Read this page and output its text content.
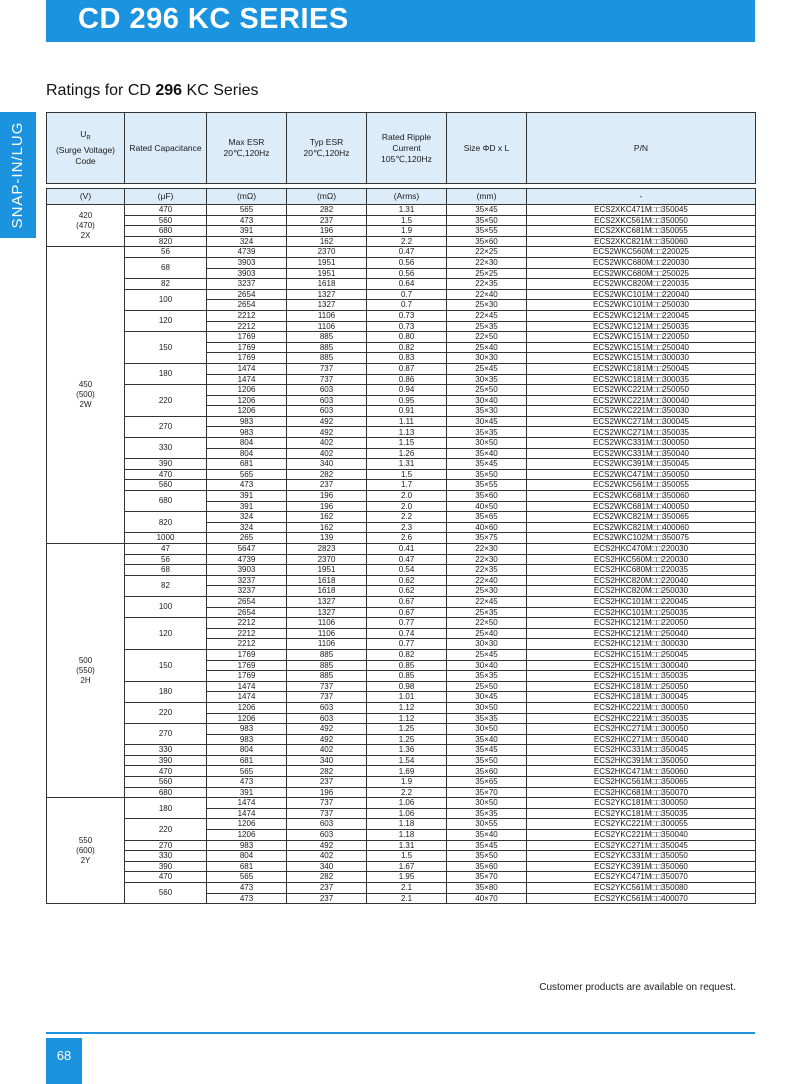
CD 296 KC SERIES
SNAP-IN/LUG
Ratings for CD 296 KC Series
$U_R$
(Surge Voltage) Code	Rated Capacitance	Max ESR 20℃,120Hz	Typ ESR 20℃,120Hz	Rated Ripple Current 105℃,120Hz	Size ΦD x L	P/N

(V)	(μF)	(mΩ)	(mΩ)	(Arms)	(mm)	-

420
(470)
2X	470	565	282	1.31	35×45	ECS2XKC471M□□350045
	560	473	237	1.5	35×50	ECS2XKC561M□□350050
	680	391	196	1.9	35×55	ECS2XKC681M□□350055
	820	324	162	2.2	35×60	ECS2XKC821M□□350060

450
(500)
2W	56	4739	2370	0.47	22×25	ECS2WKC560M□□220025
	68	3903	1951	0.56	22×30	ECS2WKC680M□□220030
		3903	1951	0.56	25×25	ECS2WKC680M□□250025
	82	3237	1618	0.64	22×35	ECS2WKC820M□□220035
	100	2654	1327	0.7	22×40	ECS2WKC101M□□220040
		2654	1327	0.7	25×30	ECS2WKC101M□□250030
	120	2212	1106	0.73	22×45	ECS2WKC121M□□220045
		2212	1106	0.73	25×35	ECS2WKC121M□□250035
	150	1769	885	0.80	22×50	ECS2WKC151M□□220050
		1769	885	0.82	25×40	ECS2WKC151M□□250040
		1769	885	0.83	30×30	ECS2WKC151M□□300030
	180	1474	737	0.87	25×45	ECS2WKC181M□□250045
		1474	737	0.86	30×35	ECS2WKC181M□□300035
	220	1206	603	0.94	25×50	ECS2WKC221M□□250050
		1206	603	0.95	30×40	ECS2WKC221M□□300040
		1206	603	0.91	35×30	ECS2WKC221M□□350030
	270	983	492	1.11	30×45	ECS2WKC271M□□300045
		983	492	1.13	35×35	ECS2WKC271M□□350035
	330	804	402	1.15	30×50	ECS2WKC331M□□300050
		804	402	1.26	35×40	ECS2WKC331M□□350040
	390	681	340	1.31	35×45	ECS2WKC391M□□350045
	470	565	282	1.5	35×50	ECS2WKC471M□□350050
	560	473	237	1.7	35×55	ECS2WKC561M□□350055
	680	391	196	2.0	35×60	ECS2WKC681M□□350060
		391	196	2.0	40×50	ECS2WKC681M□□400050
	820	324	162	2.2	35×65	ECS2WKC821M□□350065
		324	162	2.3	40×60	ECS2WKC821M□□400060
	1000	265	139	2.6	35×75	ECS2WKC102M□□350075

500
(550)
2H	47	5647	2823	0.41	22×30	ECS2HKC470M□□220030
	56	4739	2370	0.47	22×30	ECS2HKC560M□□220030
	68	3903	1951	0.54	22×35	ECS2HKC680M□□220035
	82	3237	1618	0.62	22×40	ECS2HKC820M□□220040
		3237	1618	0.62	25×30	ECS2HKC820M□□250030
	100	2654	1327	0.67	22×45	ECS2HKC101M□□220045
		2654	1327	0.67	25×35	ECS2HKC101M□□250035
	120	2212	1106	0.77	22×50	ECS2HKC121M□□220050
		2212	1106	0.74	25×40	ECS2HKC121M□□250040
		2212	1106	0.77	30×30	ECS2HKC121M□□300030
	150	1769	885	0.82	25×45	ECS2HKC151M□□250045
		1769	885	0.85	30×40	ECS2HKC151M□□300040
		1769	885	0.85	35×35	ECS2HKC151M□□350035
	180	1474	737	0.98	25×50	ECS2HKC181M□□250050
		1474	737	1.01	30×45	ECS2HKC181M□□300045
	220	1206	603	1.12	30×50	ECS2HKC221M□□300050
		1206	603	1.12	35×35	ECS2HKC221M□□350035
	270	983	492	1.25	30×50	ECS2HKC271M□□300050
		983	492	1.25	35×40	ECS2HKC271M□□350040
	330	804	402	1.36	35×45	ECS2HKC331M□□350045
	390	681	340	1.54	35×50	ECS2HKC391M□□350050
	470	565	282	1.69	35×60	ECS2HKC471M□□350060
	560	473	237	1.9	35×65	ECS2HKC561M□□350065
	680	391	196	2.2	35×70	ECS2HKC681M□□350070

550
(600)
2Y	180	1474	737	1.06	30×50	ECS2YKC181M□□300050
		1474	737	1.06	35×35	ECS2YKC181M□□350035
	220	1206	603	1.18	30×55	ECS2YKC221M□□300055
		1206	603	1.18	35×40	ECS2YKC221M□□350040
	270	983	492	1.31	35×45	ECS2YKC271M□□350045
	330	804	402	1.5	35×50	ECS2YKC331M□□350050
	390	681	340	1.67	35×60	ECS2YKC391M□□350060
	470	565	282	1.95	35×70	ECS2YKC471M□□350070
	560	473	237	2.1	35×80	ECS2YKC561M□□350080
		473	237	2.1	40×70	ECS2YKC561M□□400070
Customer products are available on request.
68
